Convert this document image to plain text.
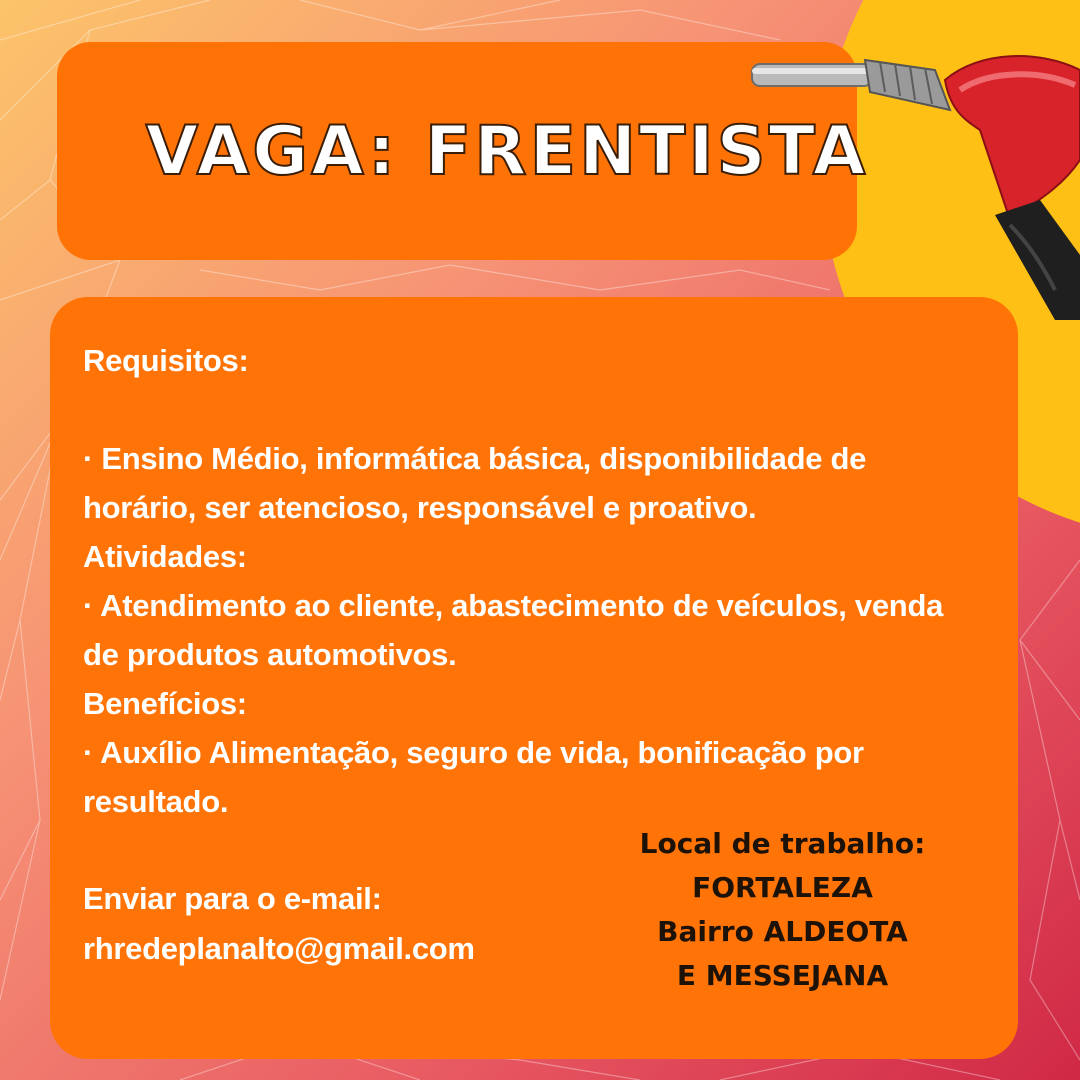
VAGA: FRENTISTA

Requisitos:

· Ensino Médio, informática básica, disponibilidade de

horário, ser atencioso, responsável e proativo.

Atividades:

· Atendimento ao cliente, abastecimento de veículos, venda

de produtos automotivos.

Benefícios:

· Auxílio Alimentação, seguro de vida, bonificação por

resultado.

Enviar para o e-mail:
rhredeplanalto@gmail.com
Local de trabalho:
FORTALEZA
Bairro ALDEOTA
E MESSEJANA
